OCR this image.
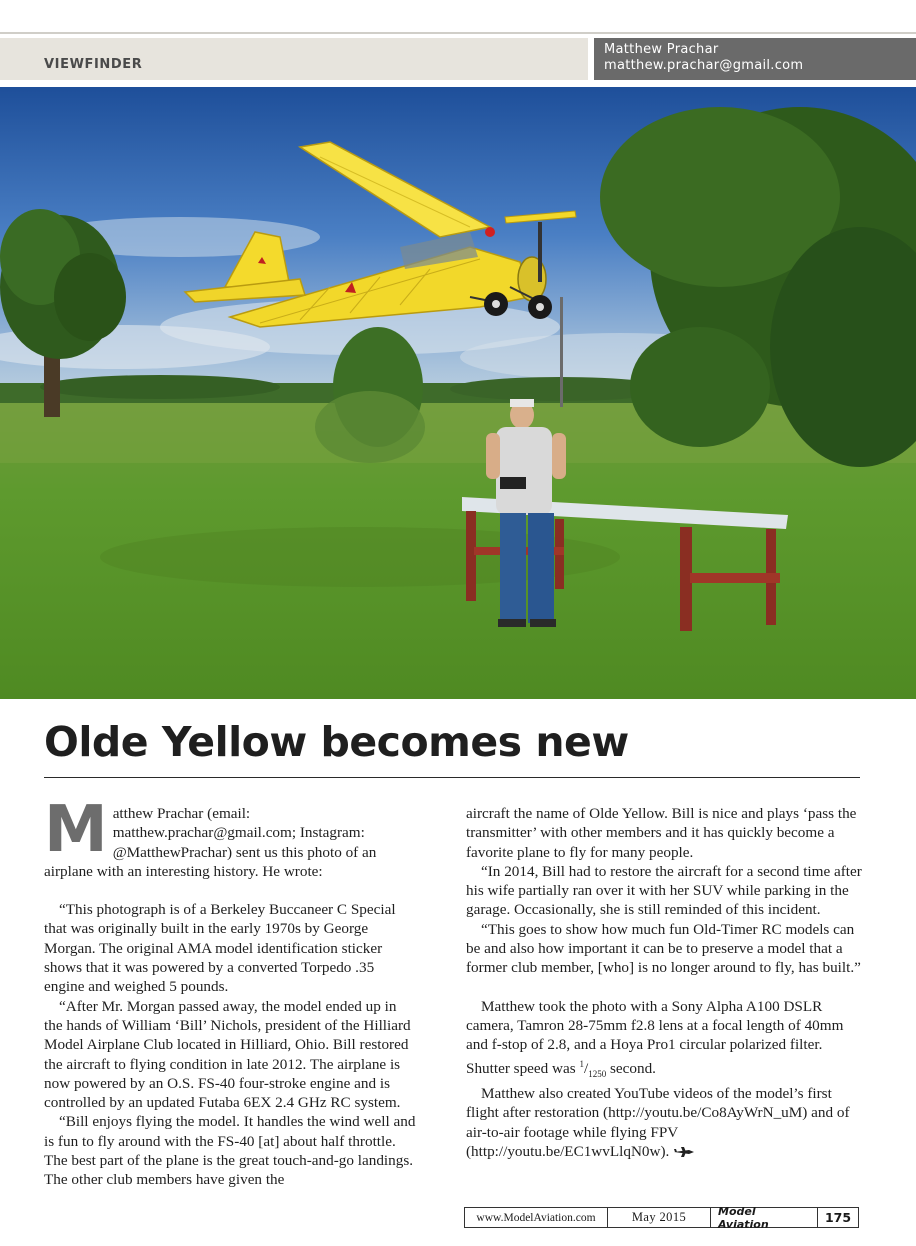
VIEWFINDER
Matthew Prachar
matthew.prachar@gmail.com
Olde Yellow becomes new
M atthew Prachar (email: matthew.prachar@gmail.com; Instagram: @MatthewPrachar) sent us this photo of an airplane with an interesting history. He wrote:

“This photograph is of a Berkeley Buccaneer C Special that was originally built in the early 1970s by George Morgan. The original AMA model identification sticker shows that it was powered by a converted Torpedo .35 engine and weighed 5 pounds.

“After Mr. Morgan passed away, the model ended up in the hands of William ‘Bill’ Nichols, president of the Hilliard Model Airplane Club located in Hilliard, Ohio. Bill restored the aircraft to flying condition in late 2012. The airplane is now powered by an O.S. FS-40 four-stroke engine and is controlled by an updated Futaba 6EX 2.4 GHz RC system.

“Bill enjoys flying the model. It handles the wind well and is fun to fly around with the FS-40 [at] about half throttle. The best part of the plane is the great touch-and-go landings. The other club members have given the

aircraft the name of Olde Yellow. Bill is nice and plays ‘pass the transmitter’ with other members and it has quickly become a favorite plane to fly for many people.

“In 2014, Bill had to restore the aircraft for a second time after his wife partially ran over it with her SUV while parking in the garage. Occasionally, she is still reminded of this incident.

“This goes to show how much fun Old-Timer RC models can be and also how important it can be to preserve a model that a former club member, [who] is no longer around to fly, has built.”

Matthew took the photo with a Sony Alpha A100 DSLR camera, Tamron 28-75mm f2.8 lens at a focal length of 40mm and f-stop of 2.8, and a Hoya Pro1 circular polarized filter. Shutter speed was $^1/_{1250}$ second.

Matthew also created YouTube videos of the model’s first flight after restoration (http://youtu.be/Co8AyWrN_uM) and of air-to-air footage while flying FPV (http://youtu.be/EC1wvLlqN0w).

www.ModelAviation.com	May 2015	Model Aviation	175
